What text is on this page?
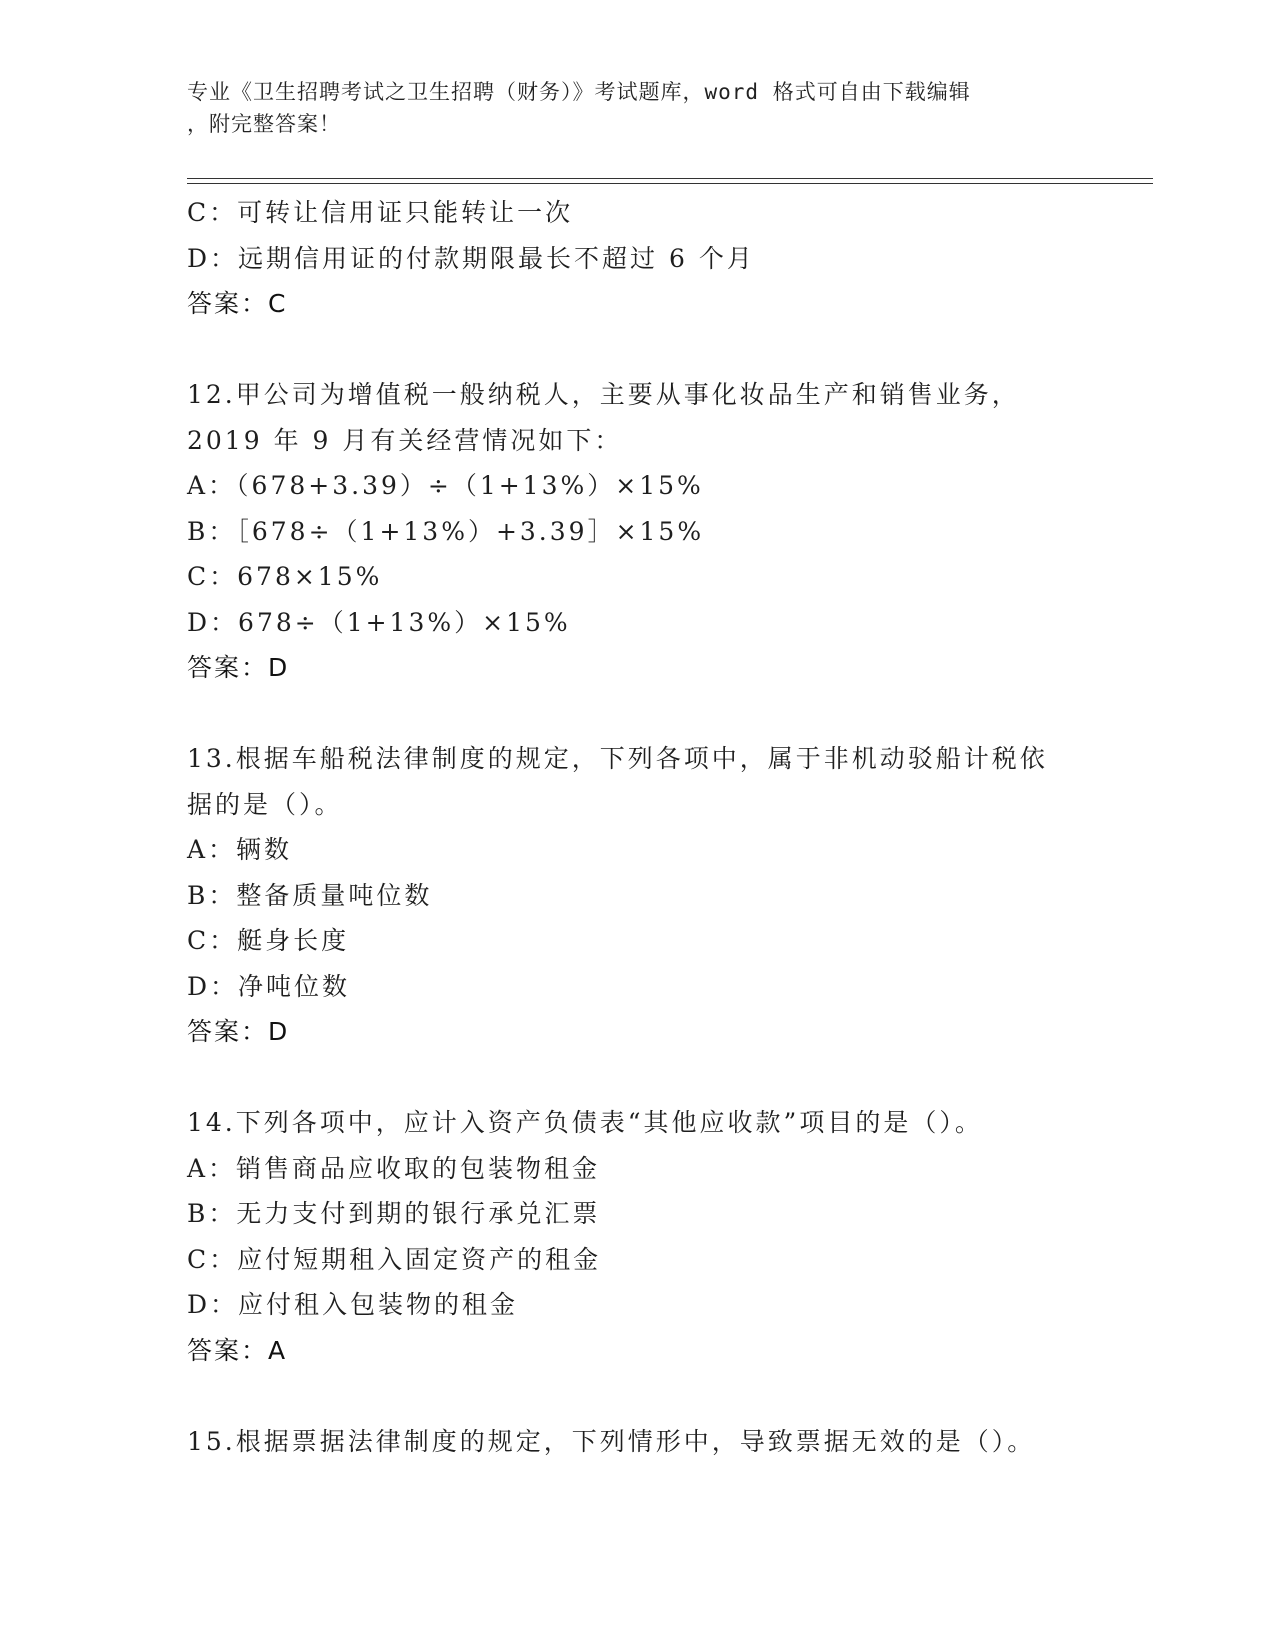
专业《卫生招聘考试之卫生招聘（财务）》考试题库，word 格式可自由下载编辑
，附完整答案！
C：可转让信用证只能转让一次
D：远期信用证的付款期限最长不超过 6 个月
答案：C
12.甲公司为增值税一般纳税人，主要从事化妆品生产和销售业务，
2019 年 9 月有关经营情况如下：
A：（678+3.39）÷（1+13%）×15%
B：［678÷（1+13%）+3.39］×15%
C：678×15%
D：678÷（1+13%）×15%
答案：D
13.根据车船税法律制度的规定，下列各项中，属于非机动驳船计税依
据的是（）。
A：辆数
B：整备质量吨位数
C：艇身长度
D：净吨位数
答案：D
14.下列各项中，应计入资产负债表“其他应收款”项目的是（）。
A：销售商品应收取的包装物租金
B：无力支付到期的银行承兑汇票
C：应付短期租入固定资产的租金
D：应付租入包装物的租金
答案：A
15.根据票据法律制度的规定，下列情形中，导致票据无效的是（）。
